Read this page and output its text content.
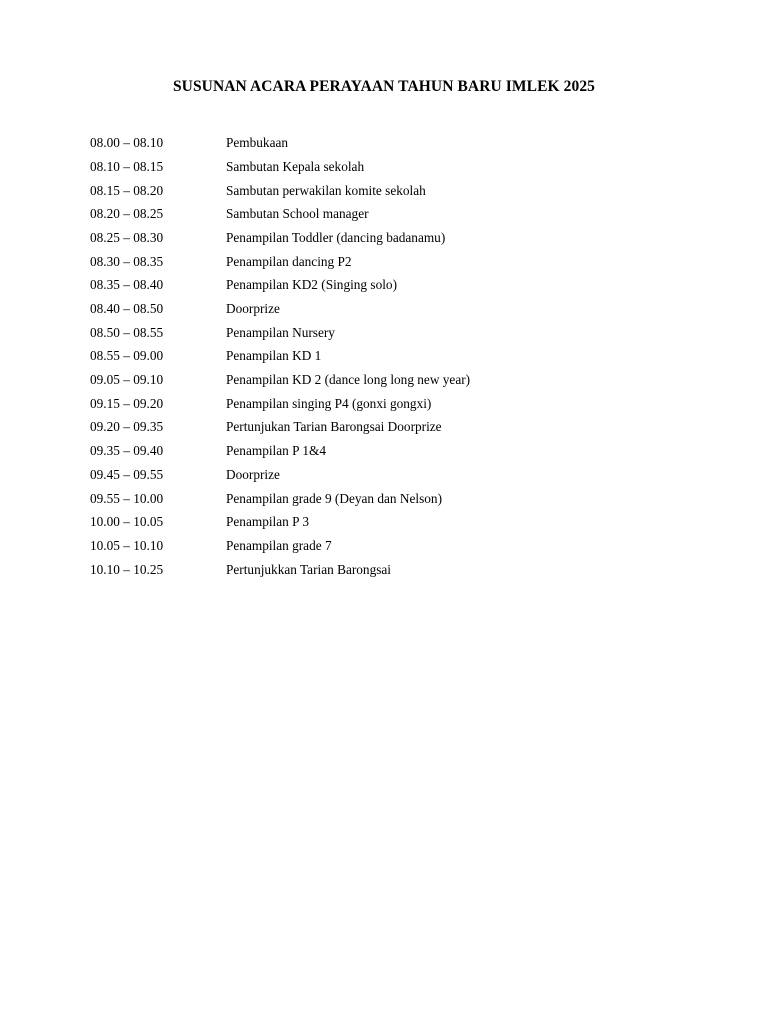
SUSUNAN ACARA PERAYAAN TAHUN BARU IMLEK 2025
08.00 – 08.10	Pembukaan
08.10 – 08.15	Sambutan Kepala sekolah
08.15 – 08.20	Sambutan perwakilan komite sekolah
08.20 – 08.25	Sambutan School manager
08.25 – 08.30	Penampilan Toddler (dancing badanamu)
08.30 – 08.35	Penampilan dancing P2
08.35 – 08.40	Penampilan KD2 (Singing solo)
08.40 – 08.50	Doorprize
08.50 – 08.55	Penampilan Nursery
08.55 – 09.00	Penampilan KD 1
09.05 – 09.10	Penampilan KD 2 (dance long long new year)
09.15 – 09.20	Penampilan singing P4 (gonxi gongxi)
09.20 – 09.35	Pertunjukan Tarian Barongsai Doorprize
09.35 – 09.40	Penampilan P 1&4
09.45 – 09.55	Doorprize
09.55 – 10.00	Penampilan grade 9 (Deyan dan Nelson)
10.00 – 10.05	Penampilan P 3
10.05 – 10.10	Penampilan grade 7
10.10 – 10.25	Pertunjukkan Tarian Barongsai
